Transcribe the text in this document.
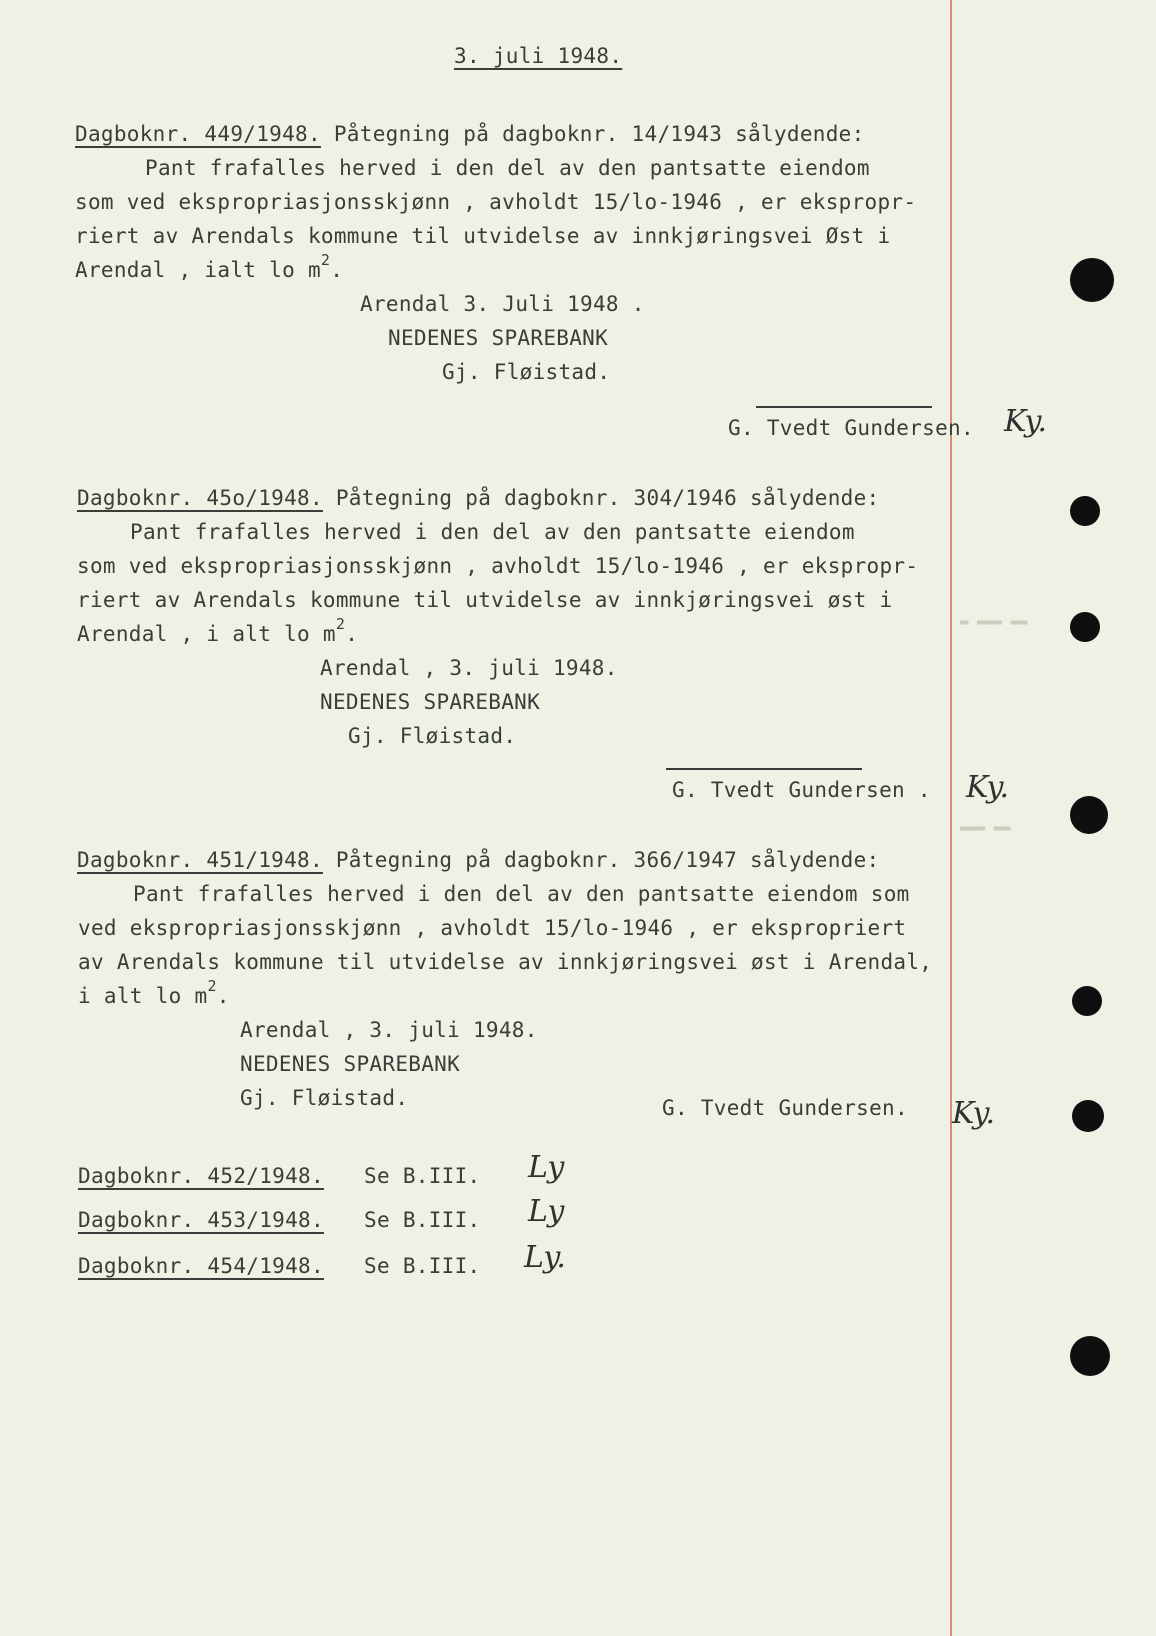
▬ ▬▬▬ ▬▬
▬▬▬ ▬▬
3. juli 1948.
Dagboknr. 449/1948. Påtegning på dagboknr. 14/1943 sålydende:
Pant frafalles herved i den del av den pantsatte eiendom
som ved ekspropriasjonsskjønn , avholdt 15/lo-1946 , er ekspropr-
riert av Arendals kommune til utvidelse av innkjøringsvei Øst i
Arendal , ialt lo $m^2$.
Arendal 3. Juli 1948 .
NEDENES SPAREBANK
Gj. Fløistad.
G. Tvedt Gundersen. Ky.
Dagboknr. 45o/1948. Påtegning på dagboknr. 304/1946 sålydende:
Pant frafalles herved i den del av den pantsatte eiendom
som ved ekspropriasjonsskjønn , avholdt 15/lo-1946 , er ekspropr-
riert av Arendals kommune til utvidelse av innkjøringsvei øst i
Arendal , i alt lo $m^2$.
Arendal , 3. juli 1948.
NEDENES SPAREBANK
Gj. Fløistad.
G. Tvedt Gundersen . Ky.
Dagboknr. 451/1948. Påtegning på dagboknr. 366/1947 sålydende:
Pant frafalles herved i den del av den pantsatte eiendom som
ved ekspropriasjonsskjønn , avholdt 15/lo-1946 , er ekspropriert
av Arendals kommune til utvidelse av innkjøringsvei øst i Arendal,
i alt lo $m^2$.
Arendal , 3. juli 1948.
NEDENES SPAREBANK
Gj. Fløistad.	G. Tvedt Gundersen. Ky.
Dagboknr. 452/1948. Se B.III. Ly
Dagboknr. 453/1948. Se B.III. Ly
Dagboknr. 454/1948. Se B.III. Ly.
